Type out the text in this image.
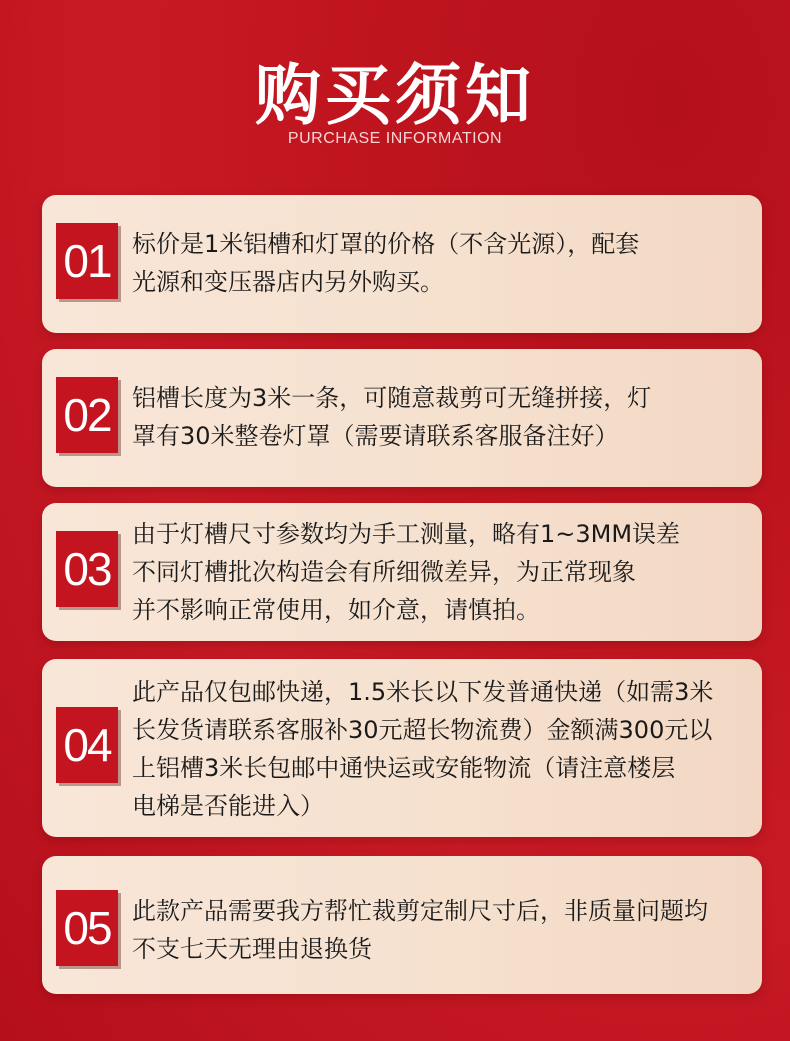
购买须知
PURCHASE INFORMATION
01 标价是1米铝槽和灯罩的价格（不含光源），配套
光源和变压器店内另外购买。
02 铝槽长度为3米一条，可随意裁剪可无缝拼接，灯
罩有30米整卷灯罩（需要请联系客服备注好）
03
由于灯槽尺寸参数均为手工测量，略有1~3MM误差
不同灯槽批次构造会有所细微差异，为正常现象
并不影响正常使用，如介意，请慎拍。
04
此产品仅包邮快递，1.5米长以下发普通快递（如需3米
长发货请联系客服补30元超长物流费）金额满300元以
上铝槽3米长包邮中通快运或安能物流（请注意楼层
电梯是否能进入）
05 此款产品需要我方帮忙裁剪定制尺寸后，非质量问题均
不支七天无理由退换货
